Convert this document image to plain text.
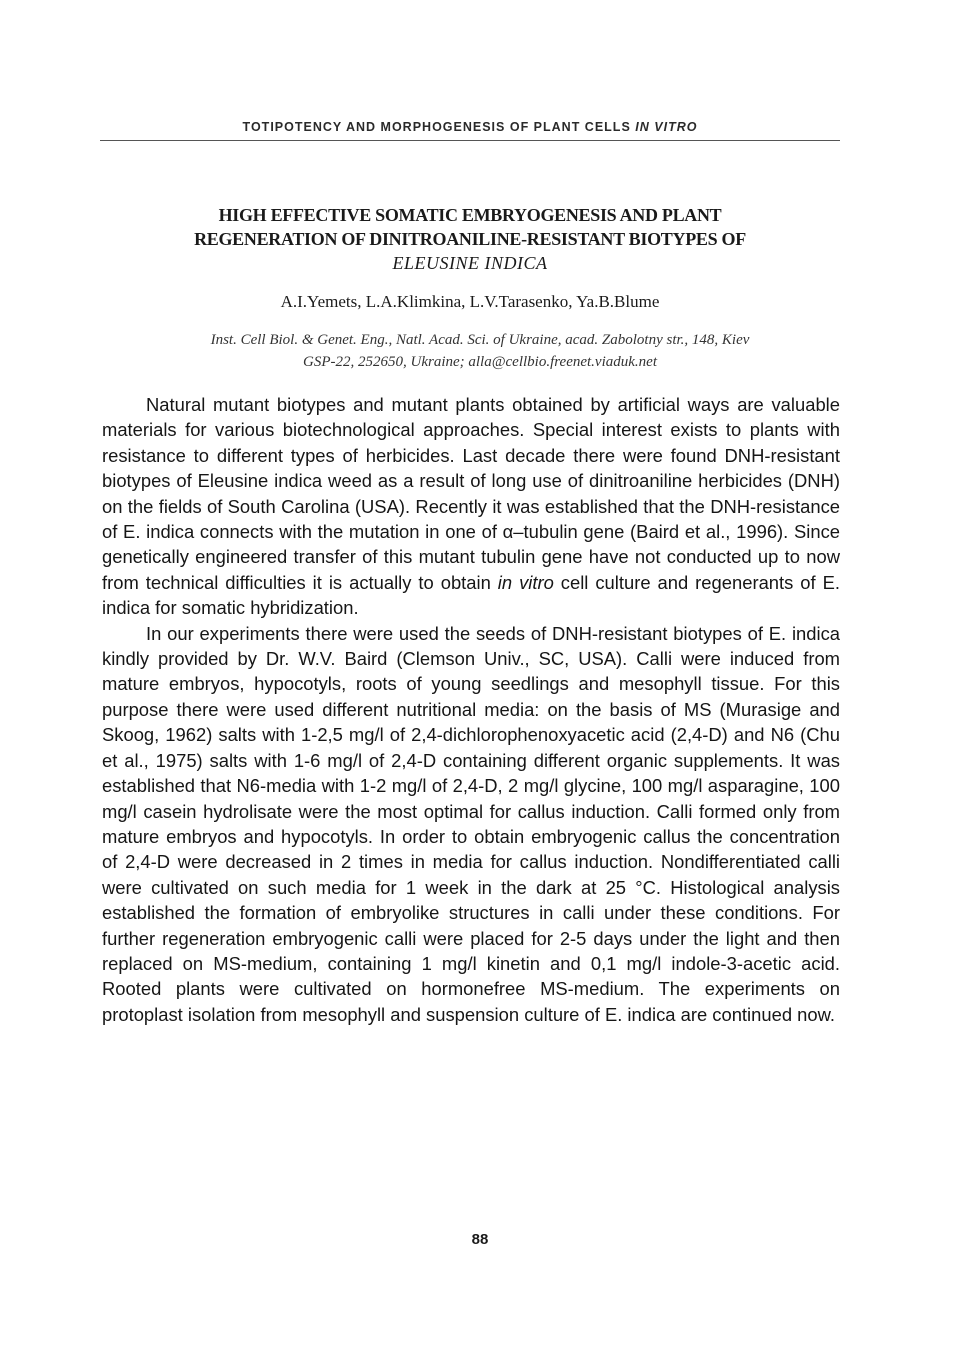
TOTIPOTENCY AND MORPHOGENESIS OF PLANT CELLS IN VITRO
HIGH EFFECTIVE SOMATIC EMBRYOGENESIS AND PLANT
REGENERATION OF DINITROANILINE-RESISTANT BIOTYPES OF
ELEUSINE INDICA
A.I.Yemets, L.A.Klimkina, L.V.Tarasenko, Ya.B.Blume
Inst. Cell Biol. & Genet. Eng., Natl. Acad. Sci. of Ukraine, acad. Zabolotny str., 148, Kiev
GSP-22, 252650, Ukraine; alla@cellbio.freenet.viaduk.net

Natural mutant biotypes and mutant plants obtained by artificial ways are valuable materials for various biotechnological approaches. Special interest exists to plants with resistance to different types of herbicides. Last decade there were found DNH-resistant biotypes of Eleusine indica weed as a result of long use of dinitroaniline herbicides (DNH) on the fields of South Carolina (USA). Recently it was established that the DNH-resistance of E. indica connects with the mutation in one of α–tubulin gene (Baird et al., 1996). Since genetically engineered transfer of this mutant tubulin gene have not conducted up to now from technical difficulties it is actually to obtain in vitro cell culture and regenerants of E. indica for somatic hybridization.

In our experiments there were used the seeds of DNH-resistant biotypes of E. indica kindly provided by Dr. W.V. Baird (Clemson Univ., SC, USA). Calli were induced from mature embryos, hypocotyls, roots of young seedlings and mesophyll tissue. For this purpose there were used different nutritional media: on the basis of MS (Murasige and Skoog, 1962) salts with 1-2,5 mg/l of 2,4-dichlorophenoxyacetic acid (2,4-D) and N6 (Chu et al., 1975) salts with 1-6 mg/l of 2,4-D containing different organic supplements. It was established that N6-media with 1-2 mg/l of 2,4-D, 2 mg/l glycine, 100 mg/l asparagine, 100 mg/l casein hydrolisate were the most optimal for callus induction. Calli formed only from mature embryos and hypocotyls. In order to obtain embryogenic callus the concentration of 2,4-D were decreased in 2 times in media for callus induction. Nondifferentiated calli were cultivated on such media for 1 week in the dark at 25 °C. Histological analysis established the formation of embryolike structures in calli under these conditions. For further regeneration embryogenic calli were placed for 2-5 days under the light and then replaced on MS-medium, containing 1 mg/l kinetin and 0,1 mg/l indole-3-acetic acid. Rooted plants were cultivated on hormonefree MS-medium. The experiments on protoplast isolation from mesophyll and suspension culture of E. indica are continued now.

88
